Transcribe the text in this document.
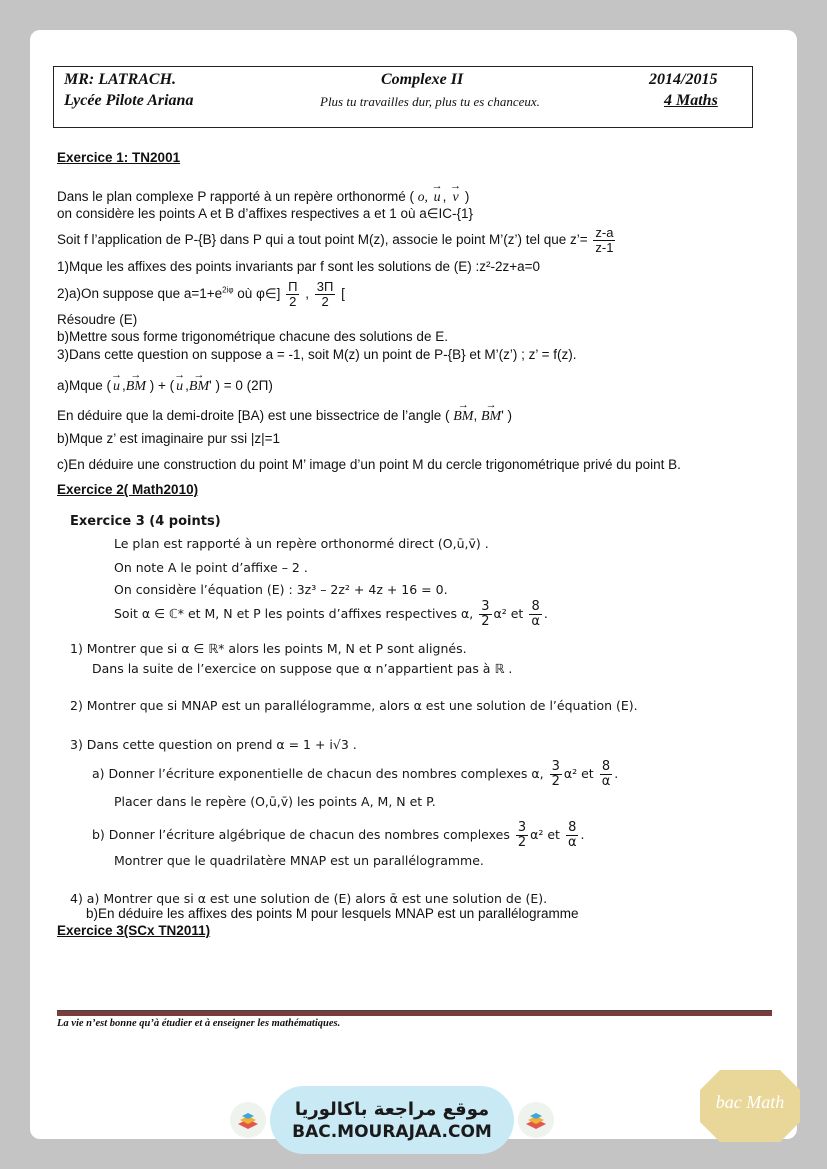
MR: LATRACH.
Lycée Pilote Ariana
Complexe II
Plus tu travailles dur, plus tu es chanceux.
2014/2015
4 Maths
Exercice 1: TN2001
Dans le plan complexe P rapporté à un repère orthonormé ( o,
→
u ,
→
v )
on considère les points A et B d’affixes respectives a et 1 où a∈IC-{1}
Soit f l’application de P-{B} dans P qui a tout point M(z), associe le point M’(z’) tel que z’= $\frac{z-a}{z-1}$
1)Mque les affixes des points invariants par f sont les solutions de (E) :z²-2z+a=0
2)a)On suppose que $a=1+e^{2i\varphi}$ où φ∈] $\frac{\Pi}{2}$ , $\frac{3\Pi}{2}$ [
Résoudre (E)
b)Mettre sous forme trigonométrique chacune des solutions de E.
3)Dans cette question on suppose a = -1, soit M(z) un point de P-{B} et M’(z’) ; z’ = f(z).
a)Mque (
→
u ,
→
BM ) + (
→
u ,
→
BM ' ) = 0 (2Π)
En déduire que la demi-droite [BA) est une bissectrice de l’angle (
→
BM ,
→
BM ' )
b)Mque z’ est imaginaire pur ssi |z|=1
c)En déduire une construction du point M’ image d’un point M du cercle trigonométrique privé du point B.
Exercice 2( Math2010)
Exercice 3 (4 points)
Le plan est rapporté à un repère orthonormé direct (O,ū,v̄) .
On note A le point d’affixe – 2 .
On considère l’équation (E) : 3z³ – 2z² + 4z + 16 = 0.
Soit α ∈ ℂ* et M, N et P les points d’affixes respectives α, $\frac{3}{2} \alpha^2$ et $\frac{8}{\alpha}$ .
1) Montrer que si α ∈ ℝ* alors les points M, N et P sont alignés.
Dans la suite de l’exercice on suppose que α n’appartient pas à ℝ .
2) Montrer que si MNAP est un parallélogramme, alors α est une solution de l’équation (E).
3) Dans cette question on prend α = 1 + i√3 .
a) Donner l’écriture exponentielle de chacun des nombres complexes α, $\frac{3}{2} \alpha^2$ et $\frac{8}{\alpha}$ .
Placer dans le repère (O,ū,v̄) les points A, M, N et P.
b) Donner l’écriture algébrique de chacun des nombres complexes $\frac{3}{2} \alpha^2$ et $\frac{8}{\alpha}$ .
Montrer que le quadrilatère MNAP est un parallélogramme.
4) a) Montrer que si α est une solution de (E) alors ᾱ est une solution de (E).
b)En déduire les affixes des points M pour lesquels MNAP est un parallélogramme
Exercice 3(SCx TN2011)
La vie n’est bonne qu’à étudier et à enseigner les mathématiques.
موقع مراجعة باكالوريا
BAC.MOURAJAA.COM
bac Math
